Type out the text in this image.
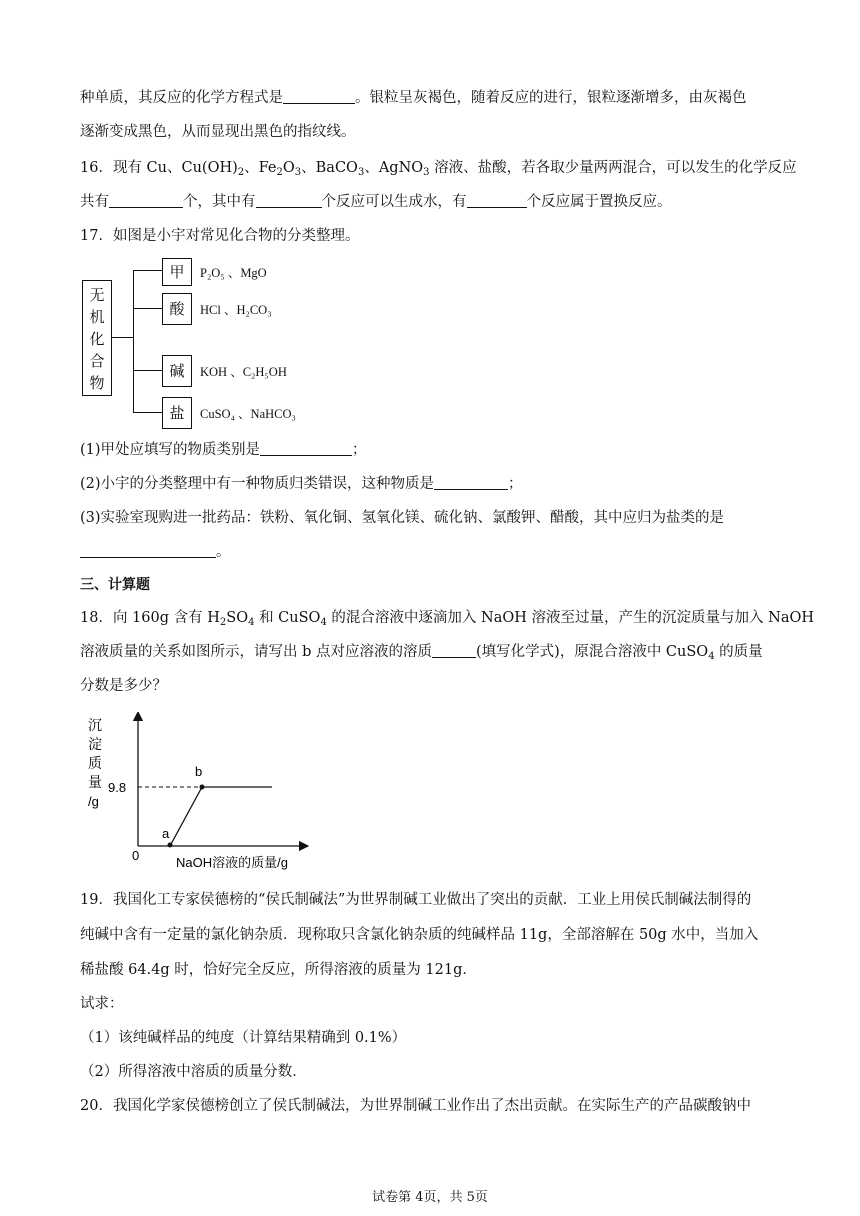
种单质，其反应的化学方程式是	。银粒呈灰褐色，随着反应的进行，银粒逐渐增多，由灰褐色
逐渐变成黑色，从而显现出黑色的指纹线。
16．现有 Cu、$Cu(OH)_2$、$Fe_2O_3$、BaCO$_3$、AgNO$_3$ 溶液、盐酸，若各取少量两两混合，可以发生的化学反应
共有	个，其中有	个反应可以生成水，有	个反应属于置换反应。
17．如图是小宇对常见化合物的分类整理。
无
机
化
合
物
甲	P₂O₅ 、MgO
酸	HCl 、H₂CO₃
碱	KOH 、C₂H₅OH
盐	CuSO₄ 、NaHCO₃
(1)甲处应填写的物质类别是	；
(2)小宇的分类整理中有一种物质归类错误，这种物质是	；
(3)实验室现购进一批药品：铁粉、氧化铜、氢氧化镁、硫化钠、氯酸钾、醋酸，其中应归为盐类的是
。
三、计算题
18．向 160g 含有 $H_2SO_4$ 和 CuSO$_4$ 的混合溶液中逐滴加入 NaOH 溶液至过量，产生的沉淀质量与加入 NaOH
溶液质量的关系如图所示，请写出 b 点对应溶液的溶质	(填写化学式)，原混合溶液中 CuSO$_4$ 的质量
分数是多少？
沉
淀
质
量
/g
9.8
a
b
0	NaOH溶液的质量/g
19．我国化工专家侯德榜的“侯氏制碱法”为世界制碱工业做出了突出的贡献．工业上用侯氏制碱法制得的
纯碱中含有一定量的氯化钠杂质．现称取只含氯化钠杂质的纯碱样品 11g，全部溶解在 50g 水中，当加入
稀盐酸 64.4g 时，恰好完全反应，所得溶液的质量为 121g．
试求：
（1）该纯碱样品的纯度（计算结果精确到 0.1%）
（2）所得溶液中溶质的质量分数．
20．我国化学家侯德榜创立了侯氏制碱法，为世界制碱工业作出了杰出贡献。在实际生产的产品碳酸钠中
试卷第 4页，共 5页
